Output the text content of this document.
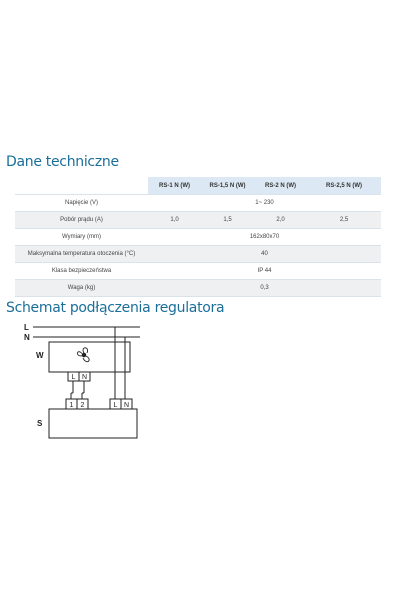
Dane techniczne
	RS-1 N (W)	RS-1,5 N (W)	RS-2 N (W)	RS-2,5 N (W)
Napięcie (V)	1~ 230			
Pobór prądu (A)	1,0	1,5	2,0	2,5
Wymiary (mm)	162x80x70			
Maksymalna temperatura otoczenia (°C)	40			
Klasa bezpieczeństwa	IP 44			
Waga (kg)	0,3			
Schemat podłączenia regulatora
L
N
W
S
L N
1 2	L N
